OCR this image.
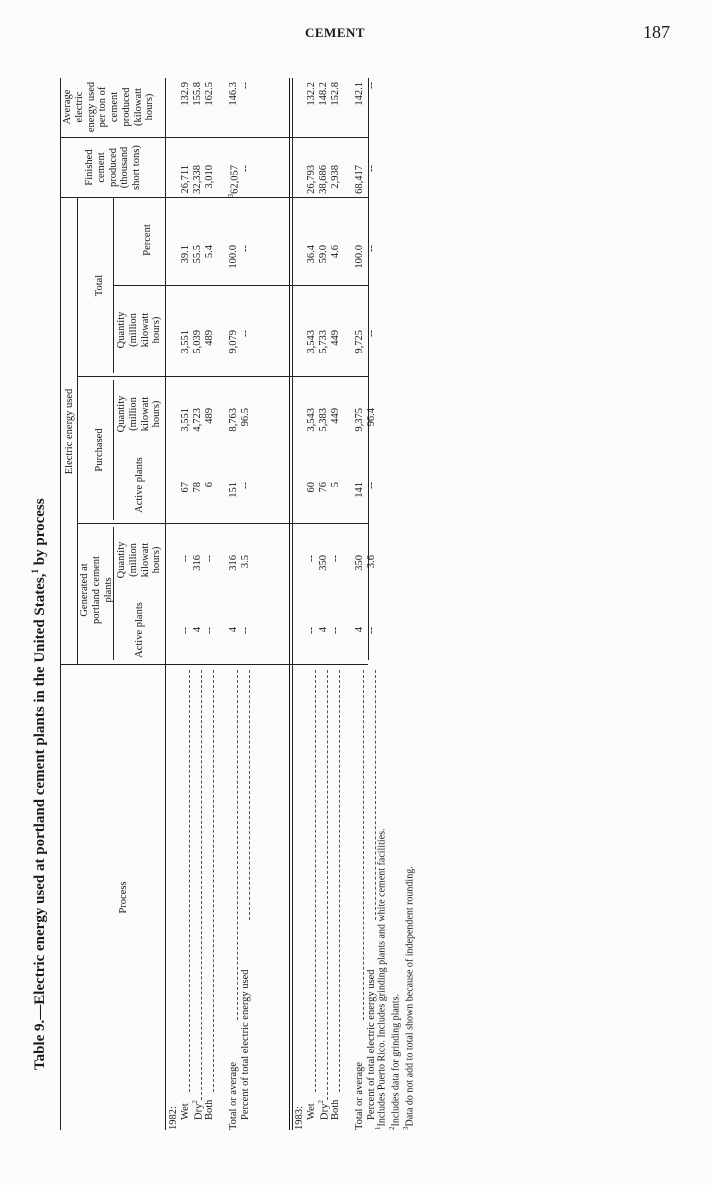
CEMENT	187
Table 9.—Electric energy used at portland cement plants in the United States,$^1$ by process
Process
Electric energy used
Generated at portland cement plants
Purchased
Total
Active plants
Quantity (million kilowatt hours)
Active plants
Quantity (million kilowatt hours)
Quantity (million kilowatt hours)
Percent
Finished cement produced (thousand short tons)
Average electric energy used per ton of cement produced (kilowatt hours)
1982: Wet
--
--
67
3,551
3,551
39.1
26,711
132.9
Dry$^2$
4
316
78
4,723
5,039
55.5
32,338
155.8
Both
--
--
6
489
489
5.4
3,010
162.5
Total or average
4
316
151
8,763
9,079
100.0
$^3$62,057
146.3
Percent of total electric energy used
--
3.5
--
96.5
--
--
--
--
1983: Wet
--
--
60
3,543
3,543
36.4
26,793
132.2
Dry$^2$
4
350
76
5,383
5,733
59.0
38,686
148.2
Both
--
--
5
449
449
4.6
2,938
152.8
Total or average
4
350
141
9,375
9,725
100.0
68,417
142.1
Percent of total electric energy used
--
3.6
--
96.4
--
--
--
--
$^1$Includes Puerto Rico. Includes grinding plants and white cement facilities.
$^2$Includes data for grinding plants.
$^3$Data do not add to total shown because of independent rounding.
